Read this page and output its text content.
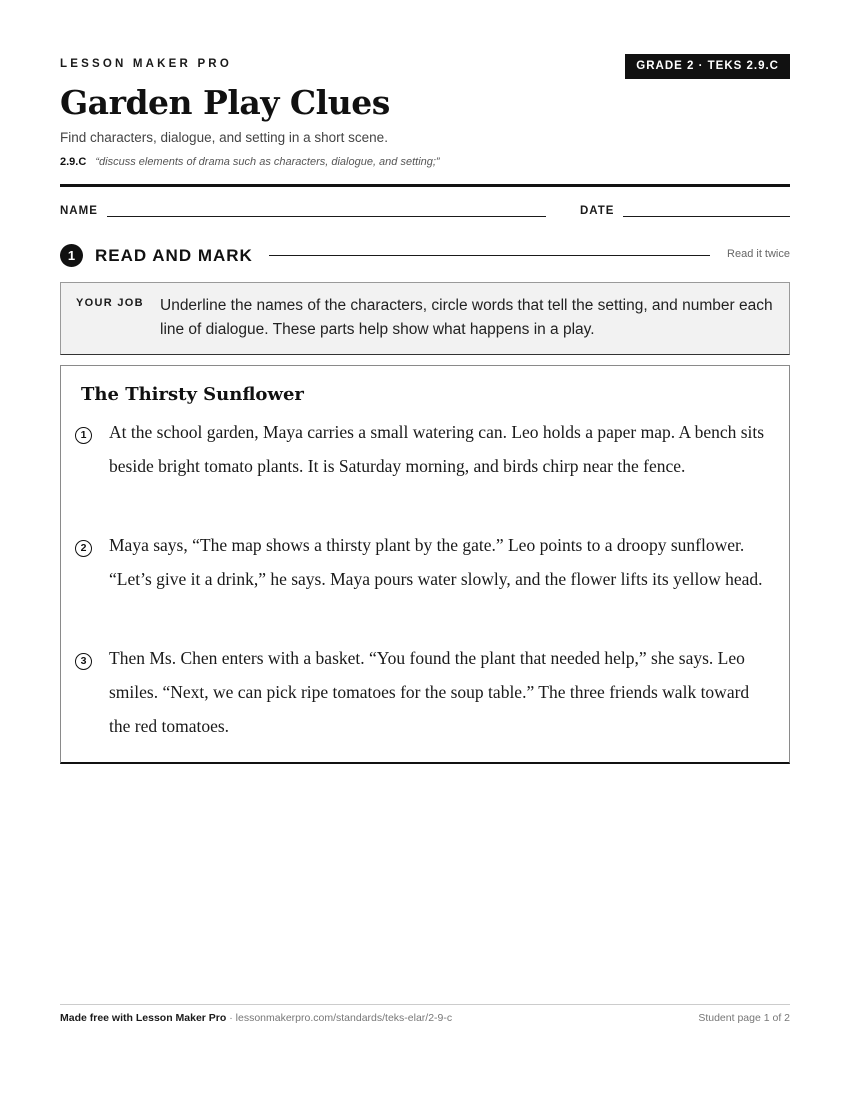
LESSON MAKER PRO	GRADE 2 · TEKS 2.9.C
Garden Play Clues
Find characters, dialogue, and setting in a short scene.
2.9.C “discuss elements of drama such as characters, dialogue, and setting;”
NAME	DATE
1	READ AND MARK	Read it twice
YOUR JOB Underline the names of the characters, circle words that tell the setting, and number each line of dialogue. These parts help show what happens in a play.
The Thirsty Sunflower
1	At the school garden, Maya carries a small watering can. Leo holds a paper map. A bench sits beside bright tomato plants. It is Saturday morning, and birds chirp near the fence.
2	Maya says, “The map shows a thirsty plant by the gate.” Leo points to a droopy sunflower. “Let’s give it a drink,” he says. Maya pours water slowly, and the flower lifts its yellow head.
3	Then Ms. Chen enters with a basket. “You found the plant that needed help,” she says. Leo smiles. “Next, we can pick ripe tomatoes for the soup table.” The three friends walk toward the red tomatoes.
Made free with Lesson Maker Pro · lessonmakerpro.com/standards/teks-elar/2-9-c	Student page 1 of 2
